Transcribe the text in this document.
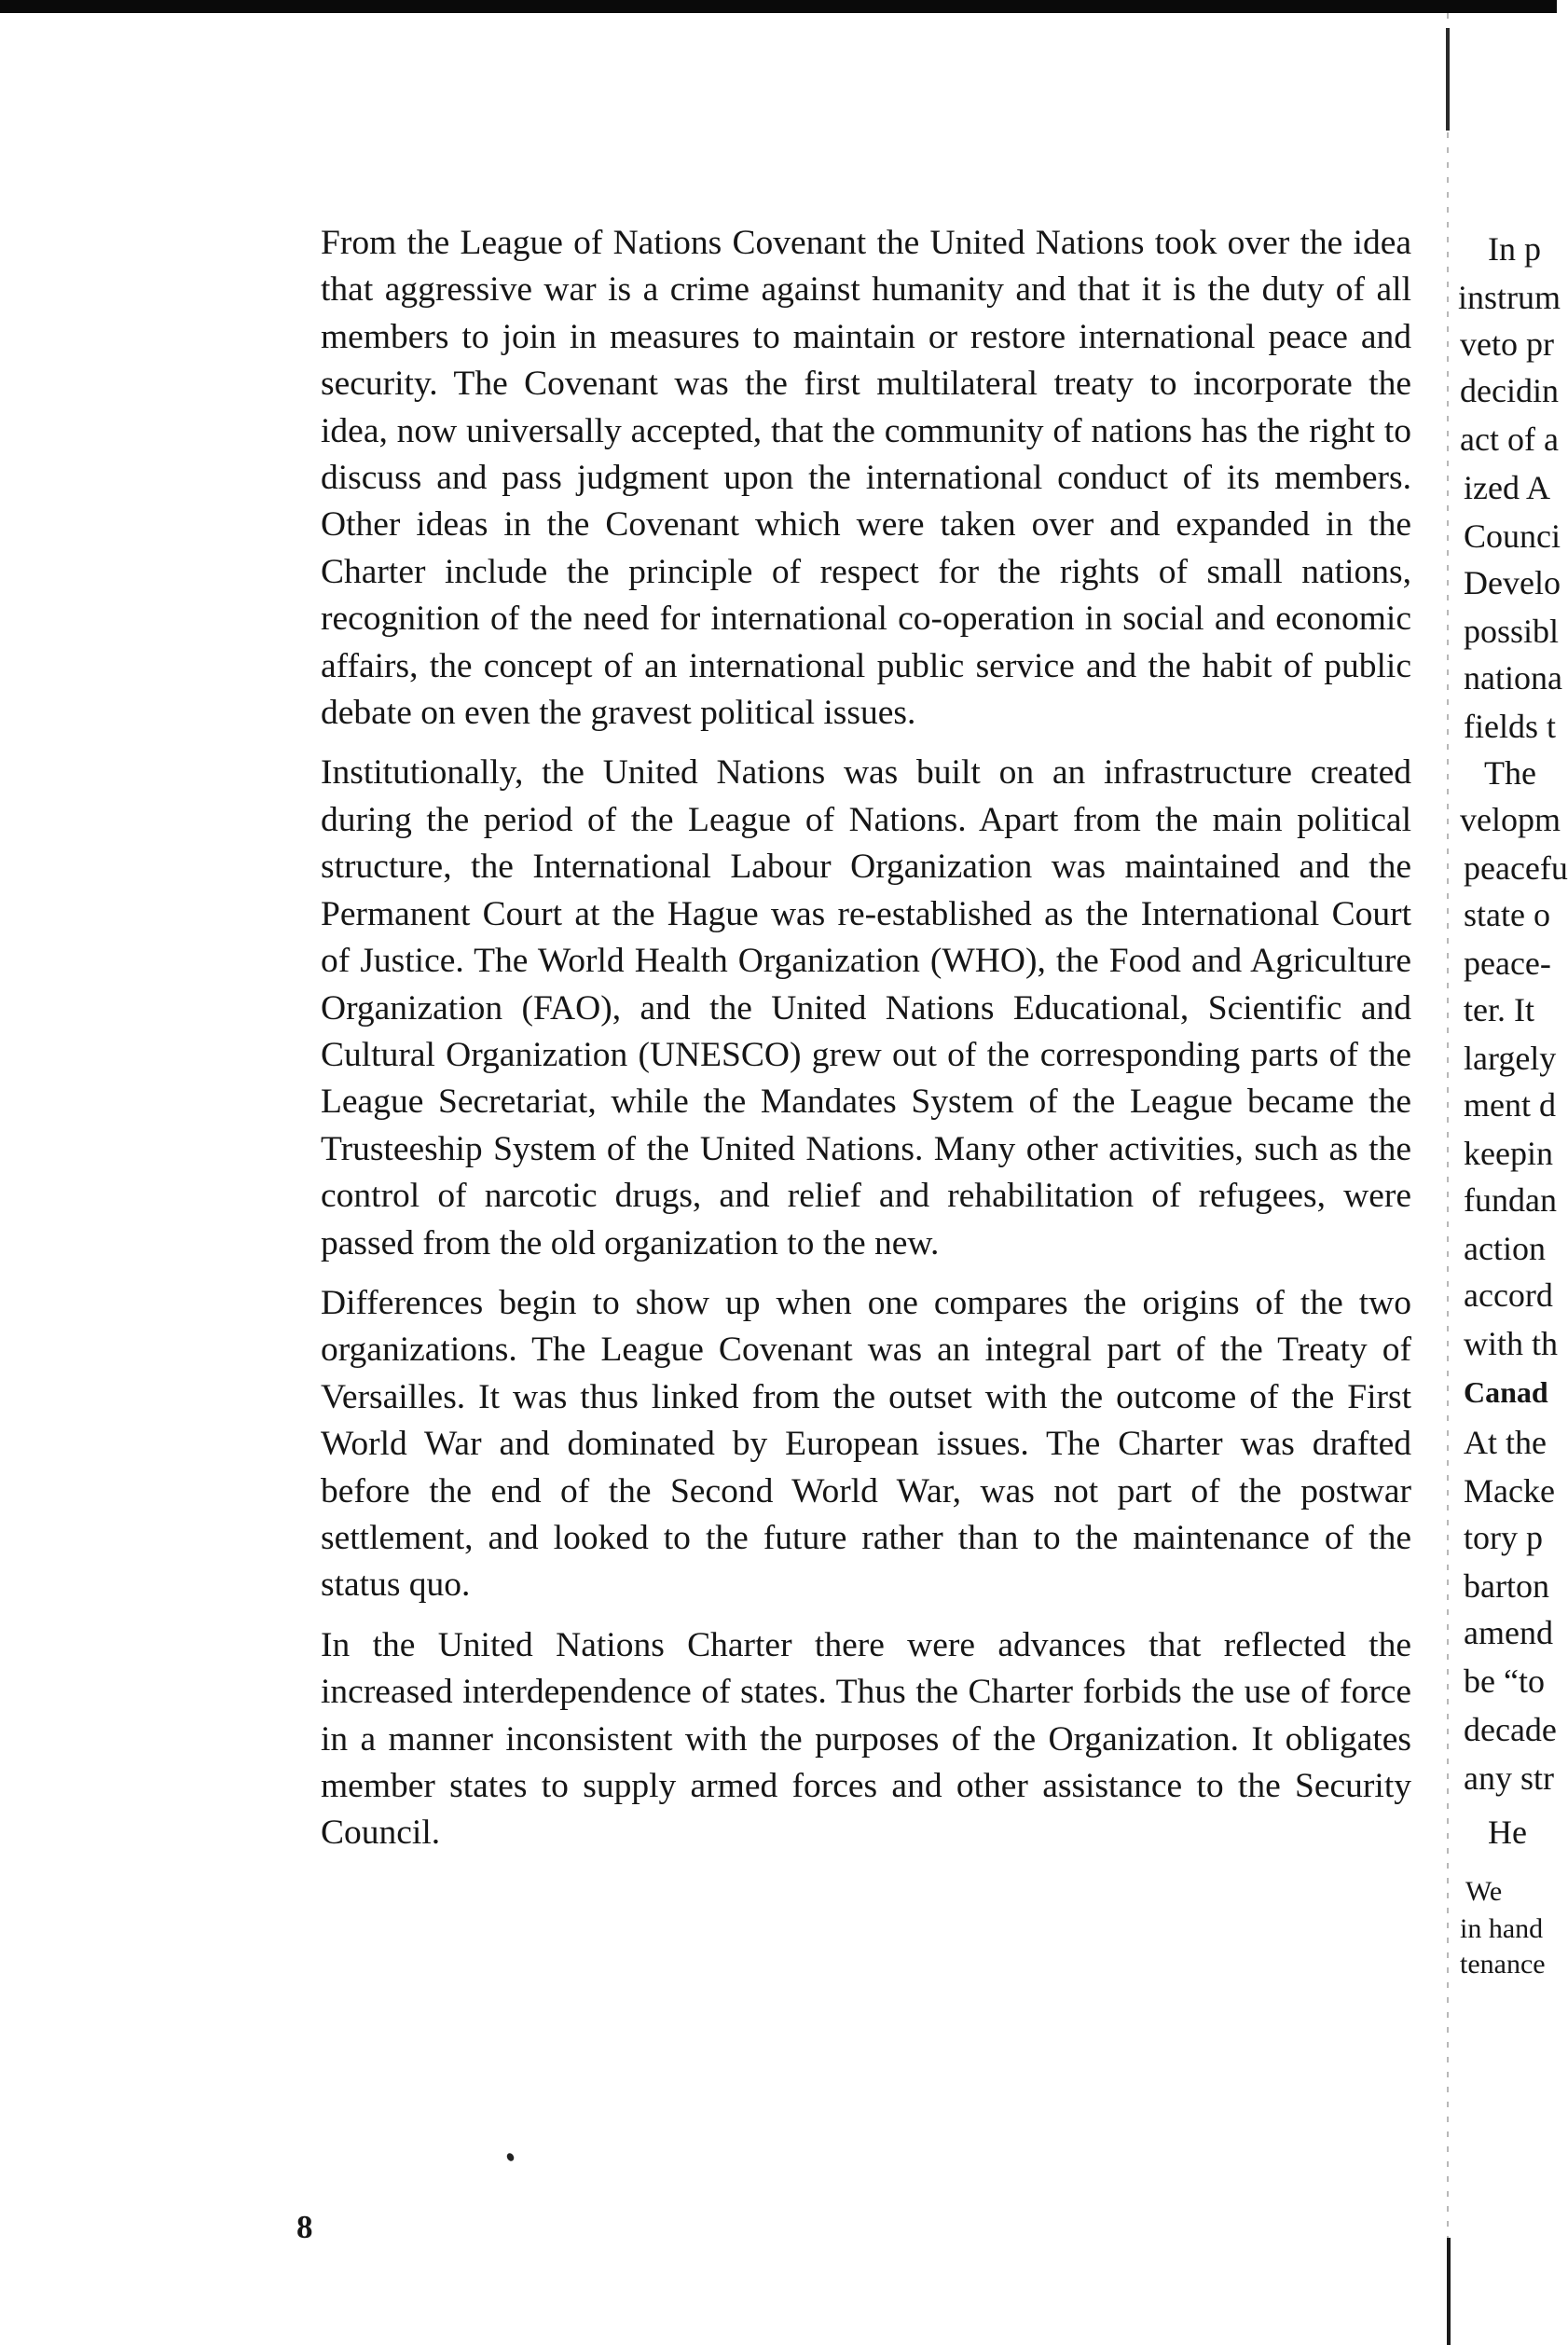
From the League of Nations Covenant the United Nations took over the idea that aggressive war is a crime against humanity and that it is the duty of all members to join in measures to maintain or restore international peace and security. The Covenant was the first multilateral treaty to incorporate the idea, now universally accepted, that the community of nations has the right to discuss and pass judgment upon the international conduct of its members. Other ideas in the Covenant which were taken over and expanded in the Charter include the principle of respect for the rights of small nations, recognition of the need for international co-operation in social and economic affairs, the concept of an international public service and the habit of public debate on even the gravest political issues.

Institutionally, the United Nations was built on an infrastructure created during the period of the League of Nations. Apart from the main political structure, the International Labour Organization was maintained and the Permanent Court at the Hague was re-established as the International Court of Justice. The World Health Organization (WHO), the Food and Agriculture Organization (FAO), and the United Nations Educational, Scientific and Cultural Organization (UNESCO) grew out of the corresponding parts of the League Secretariat, while the Mandates System of the League became the Trusteeship System of the United Nations. Many other activities, such as the control of narcotic drugs, and relief and rehabilitation of refugees, were passed from the old organization to the new.

Differences begin to show up when one compares the origins of the two organizations. The League Covenant was an integral part of the Treaty of Versailles. It was thus linked from the outset with the outcome of the First World War and dominated by European issues. The Charter was drafted before the end of the Second World War, was not part of the postwar settlement, and looked to the future rather than to the maintenance of the status quo.

In the United Nations Charter there were advances that reflected the increased interdependence of states. Thus the Charter forbids the use of force in a manner inconsistent with the purposes of the Organization. It obligates member states to supply armed forces and other assistance to the Security Council.

8
In p
instrum
veto pr
decidin
act of a
ized A
Counci
Develo
possibl
nationa
fields t
The
velopm
peacefu
state o
peace-
ter. It
largely
ment d
keepin
fundan
action
accord
with th
Canad
At the
Macke
tory p
barton
amend
be “to
decade
any str
He
We
in hand
tenance
